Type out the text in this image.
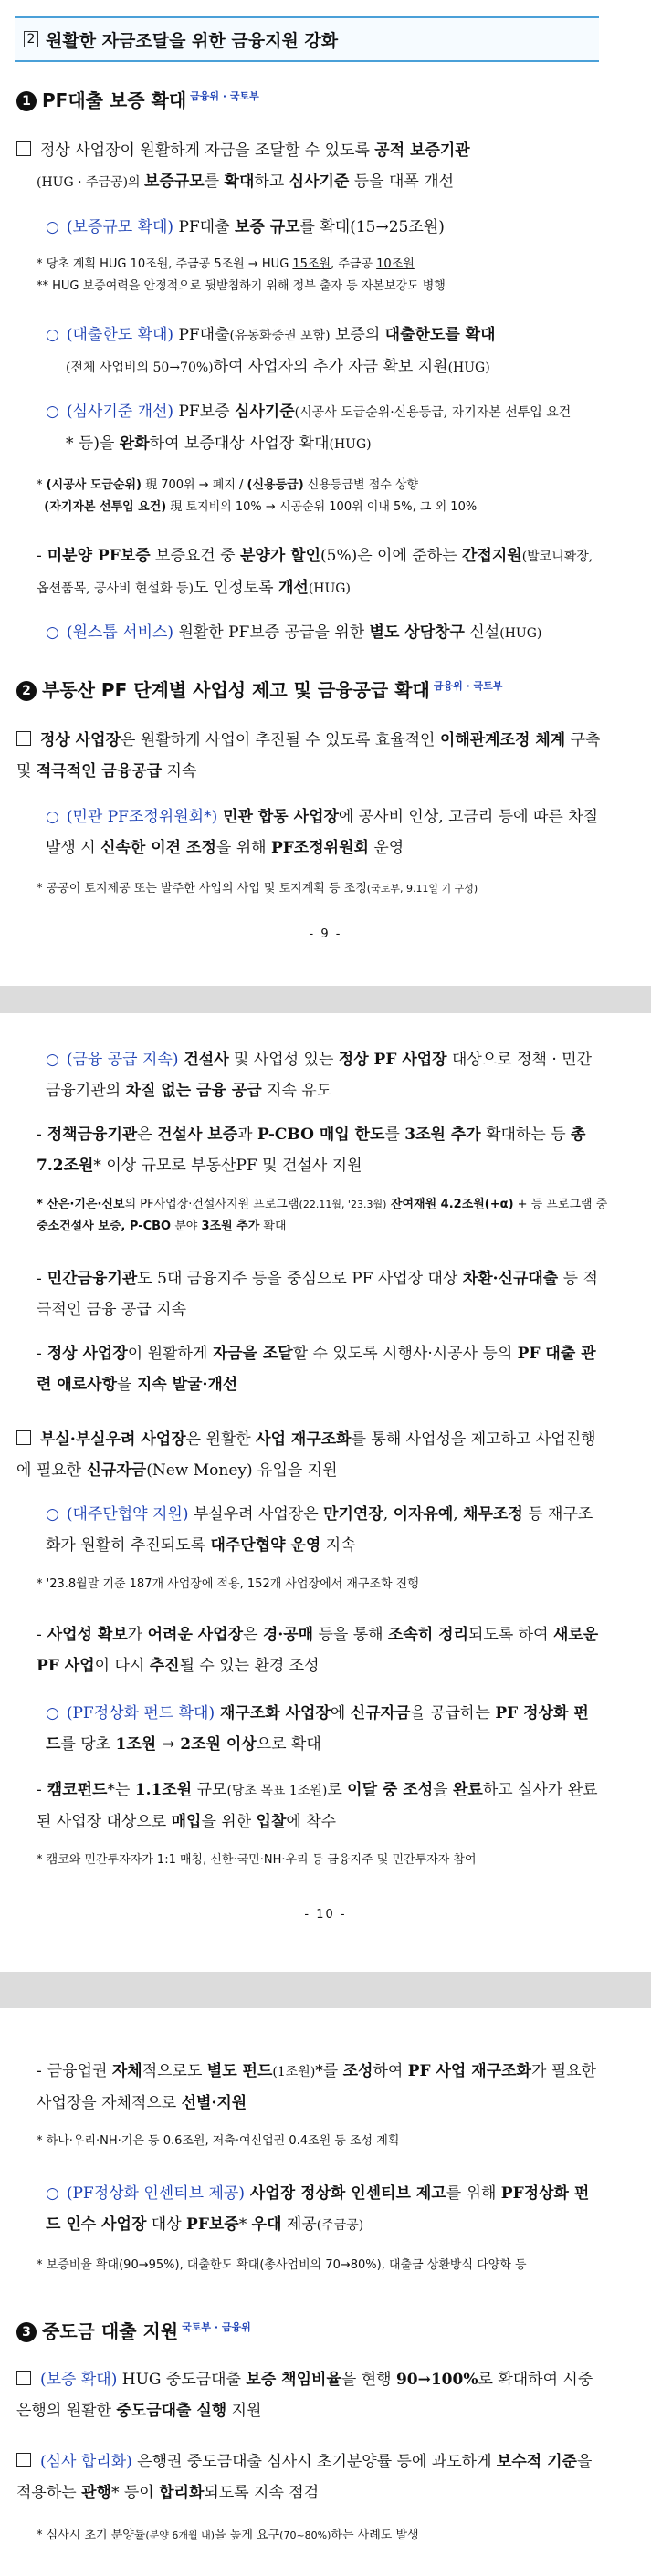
2 원활한 자금조달을 위한 금융지원 강화
1 PF대출 보증 확대 $^{금융위 \cdot 국토부}$
정상 사업장이 원활하게 자금을 조달할 수 있도록 공적 보증기관
(HUG · 주금공)의 보증규모를 확대하고 심사기준 등을 대폭 개선
○ (보증규모 확대) PF대출 보증 규모를 확대(15→25조원)
* 당초 계획 HUG 10조원, 주금공 5조원 → HUG 15조원, 주금공 10조원
** HUG 보증여력을 안정적으로 뒷받침하기 위해 정부 출자 등 자본보강도 병행
○ (대출한도 확대) PF대출(유동화증권 포함) 보증의 대출한도를 확대
(전체 사업비의 50→70%)하여 사업자의 추가 자금 확보 지원(HUG)
○ (심사기준 개선) PF보증 심사기준(시공사 도급순위·신용등급, 자기자본 선투입 요건
* 등)을 완화하여 보증대상 사업장 확대(HUG)
* (시공사 도급순위) 現 700위 → 폐지 / (신용등급) 신용등급별 점수 상향
(자기자본 선투입 요건) 現 토지비의 10% → 시공순위 100위 이내 5%, 그 외 10%
- 미분양 PF보증 보증요건 중 분양가 할인(5%)은 이에 준하는 간접지원(발코니확장, 옵션품목, 공사비 현설화 등)도 인정토록 개선(HUG)
○ (원스톱 서비스) 원활한 PF보증 공급을 위한 별도 상담창구 신설(HUG)
2 부동산 PF 단계별 사업성 제고 및 금융공급 확대 $^{금융위 \cdot 국토부}$
정상 사업장은 원활하게 사업이 추진될 수 있도록 효율적인 이해관계조정 체계 구축 및 적극적인 금융공급 지속
○ (민관 PF조정위원회*) 민관 합동 사업장에 공사비 인상, 고금리 등에 따른 차질 발생 시 신속한 이견 조정을 위해 PF조정위원회 운영
* 공공이 토지제공 또는 발주한 사업의 사업 및 토지계획 등 조정(국토부, 9.11일 기 구성)
- 9 -
○ (금융 공급 지속) 건설사 및 사업성 있는 정상 PF 사업장 대상으로 정책 · 민간 금융기관의 차질 없는 금융 공급 지속 유도
- 정책금융기관은 건설사 보증과 P-CBO 매입 한도를 3조원 추가 확대하는 등 총 7.2조원* 이상 규모로 부동산PF 및 건설사 지원
* 산은·기은·신보의 PF사업장·건설사지원 프로그램(22.11월, '23.3월) 잔여재원 4.2조원(+α) + 등 프로그램 중 중소건설사 보증, P-CBO 분야 3조원 추가 확대
- 민간금융기관도 5대 금융지주 등을 중심으로 PF 사업장 대상 차환·신규대출 등 적극적인 금융 공급 지속
- 정상 사업장이 원활하게 자금을 조달할 수 있도록 시행사·시공사 등의 PF 대출 관련 애로사항을 지속 발굴·개선
부실·부실우려 사업장은 원활한 사업 재구조화를 통해 사업성을 제고하고 사업진행에 필요한 신규자금(New Money) 유입을 지원
○ (대주단협약 지원) 부실우려 사업장은 만기연장, 이자유예, 채무조정 등 재구조화가 원활히 추진되도록 대주단협약 운영 지속
* '23.8월말 기준 187개 사업장에 적용, 152개 사업장에서 재구조화 진행
- 사업성 확보가 어려운 사업장은 경·공매 등을 통해 조속히 정리되도록 하여 새로운 PF 사업이 다시 추진될 수 있는 환경 조성
○ (PF정상화 펀드 확대) 재구조화 사업장에 신규자금을 공급하는 PF 정상화 펀드를 당초 1조원 → 2조원 이상으로 확대
- 캠코펀드*는 1.1조원 규모(당초 목표 1조원)로 이달 중 조성을 완료하고 실사가 완료된 사업장 대상으로 매입을 위한 입찰에 착수
* 캠코와 민간투자자가 1:1 매칭, 신한·국민·NH·우리 등 금융지주 및 민간투자자 참여
- 10 -
- 금융업권 자체적으로도 별도 펀드(1조원)*를 조성하여 PF 사업 재구조화가 필요한 사업장을 자체적으로 선별·지원
* 하나·우리·NH·기은 등 0.6조원, 저축·여신업권 0.4조원 등 조성 계획
○ (PF정상화 인센티브 제공) 사업장 정상화 인센티브 제고를 위해 PF정상화 펀드 인수 사업장 대상 PF보증* 우대 제공(주금공)
* 보증비율 확대(90→95%), 대출한도 확대(총사업비의 70→80%), 대출금 상환방식 다양화 등
3 중도금 대출 지원 $^{국토부 \cdot 금융위}$
(보증 확대) HUG 중도금대출 보증 책임비율을 현행 90→100%로 확대하여 시중은행의 원활한 중도금대출 실행 지원
(심사 합리화) 은행권 중도금대출 심사시 초기분양률 등에 과도하게 보수적 기준을 적용하는 관행* 등이 합리화되도록 지속 점검
* 심사시 초기 분양률(분양 6개월 내)을 높게 요구(70~80%)하는 사례도 발생
